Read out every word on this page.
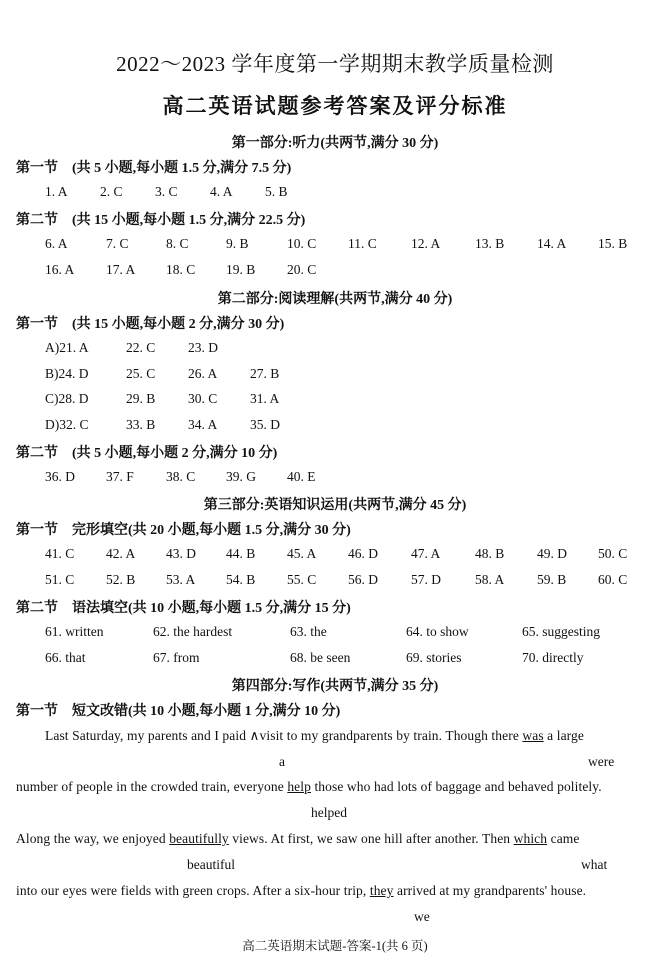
2022～2023 学年度第一学期期末教学质量检测
高二英语试题参考答案及评分标准
第一部分:听力(共两节,满分 30 分)
第一节 (共 5 小题,每小题 1.5 分,满分 7.5 分)
1. A 2. C 3. C 4. A 5. B
第二节 (共 15 小题,每小题 1.5 分,满分 22.5 分)
6. A	7. C	8. C	9. B	10. C 11. C	12. A	13. B 14. A 15. B
16. A 17. A 18. C 19. B 20. C
第二部分:阅读理解(共两节,满分 40 分)
第一节 (共 15 小题,每小题 2 分,满分 30 分)
A)21. A	22. C 23. D
B)24. D	25. C 26. A 27. B
C)28. D	29. B 30. C 31. A
D)32. C	33. B 34. A 35. D
第二节 (共 5 小题,每小题 2 分,满分 10 分)
36. D 37. F 38. C 39. G 40. E
第三部分:英语知识运用(共两节,满分 45 分)
第一节 完形填空(共 20 小题,每小题 1.5 分,满分 30 分)
41. C 42. A 43. D 44. B 45. A 46. D 47. A	48. B 49. D 50. C
51. C 52. B 53. A 54. B 55. C 56. D 57. D	58. A 59. B 60. C
第二节 语法填空(共 10 小题,每小题 1.5 分,满分 15 分)
61. written	62. the hardest	63. the	64. to show	65. suggesting
66. that	67. from	68. be seen	69. stories	70. directly
第四部分:写作(共两节,满分 35 分)
第一节 短文改错(共 10 小题,每小题 1 分,满分 10 分)
Last Saturday, my parents and I paid ∧visit to my grandparents by train. Though there was a large
a	were
number of people in the crowded train, everyone help those who had lots of baggage and behaved politely.
helped
Along the way, we enjoyed beautifully views. At first, we saw one hill after another. Then which came
beautiful	what
into our eyes were fields with green crops. After a six-hour trip, they arrived at my grandparents' house.
we
高二英语期末试题-答案-1(共 6 页)
